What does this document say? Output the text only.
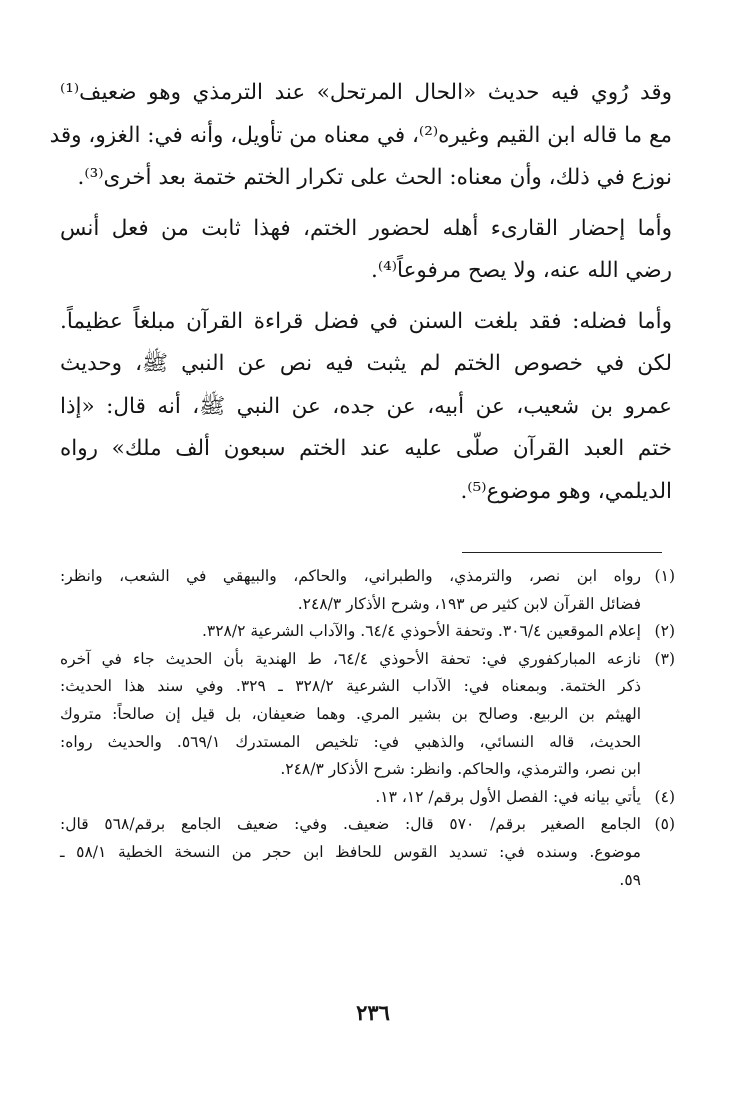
وقد رُوي فيه حديث «الحال المرتحل» عند الترمذي وهو ضعيف⁽¹⁾
مع ما قاله ابن القيم وغيره⁽²⁾، في معناه من تأويل، وأنه في: الغزو، وقد
نوزع في ذلك، وأن معناه: الحث على تكرار الختم ختمة بعد أخرى⁽³⁾.

وأما إحضار القارىء أهله لحضور الختم، فهذا ثابت من فعل أنس
رضي الله عنه، ولا يصح مرفوعاً⁽⁴⁾.

وأما فضله: فقد بلغت السنن في فضل قراءة القرآن مبلغاً عظيماً.
لكن في خصوص الختم لم يثبت فيه نص عن النبي ﷺ، وحديث
عمرو بن شعيب، عن أبيه، عن جده، عن النبي ﷺ، أنه قال: «إذا
ختم العبد القرآن صلّى عليه عند الختم سبعون ألف ملك» رواه
الديلمي، وهو موضوع⁽⁵⁾.

(١)
رواه ابن نصر، والترمذي، والطبراني، والحاكم، والبيهقي في الشعب، وانظر:
فضائل القرآن لابن كثير ص ١٩٣، وشرح الأذكار ٢٤٨/٣.
(٢)
إعلام الموقعين ٣٠٦/٤. وتحفة الأحوذي ٦٤/٤. والآداب الشرعية ٣٢٨/٢.
(٣)
نازعه المباركفوري في: تحفة الأحوذي ٦٤/٤، ط الهندية بأن الحديث جاء في آخره
ذكر الختمة. وبمعناه في: الآداب الشرعية ٣٢٨/٢ ـ ٣٢٩. وفي سند هذا الحديث:
الهيثم بن الربيع. وصالح بن بشير المري. وهما ضعيفان، بل قيل إن صالحاً: متروك
الحديث، قاله النسائي، والذهبي في: تلخيص المستدرك ٥٦٩/١. والحديث رواه:
ابن نصر، والترمذي، والحاكم. وانظر: شرح الأذكار ٢٤٨/٣.
(٤)
يأتي بيانه في: الفصل الأول برقم/ ١٢، ١٣.
(٥)
الجامع الصغير برقم/ ٥٧٠ قال: ضعيف. وفي: ضعيف الجامع برقم/٥٦٨ قال:
موضوع. وسنده في: تسديد القوس للحافظ ابن حجر من النسخة الخطية ٥٨/١ ـ
٥٩.
٢٣٦
